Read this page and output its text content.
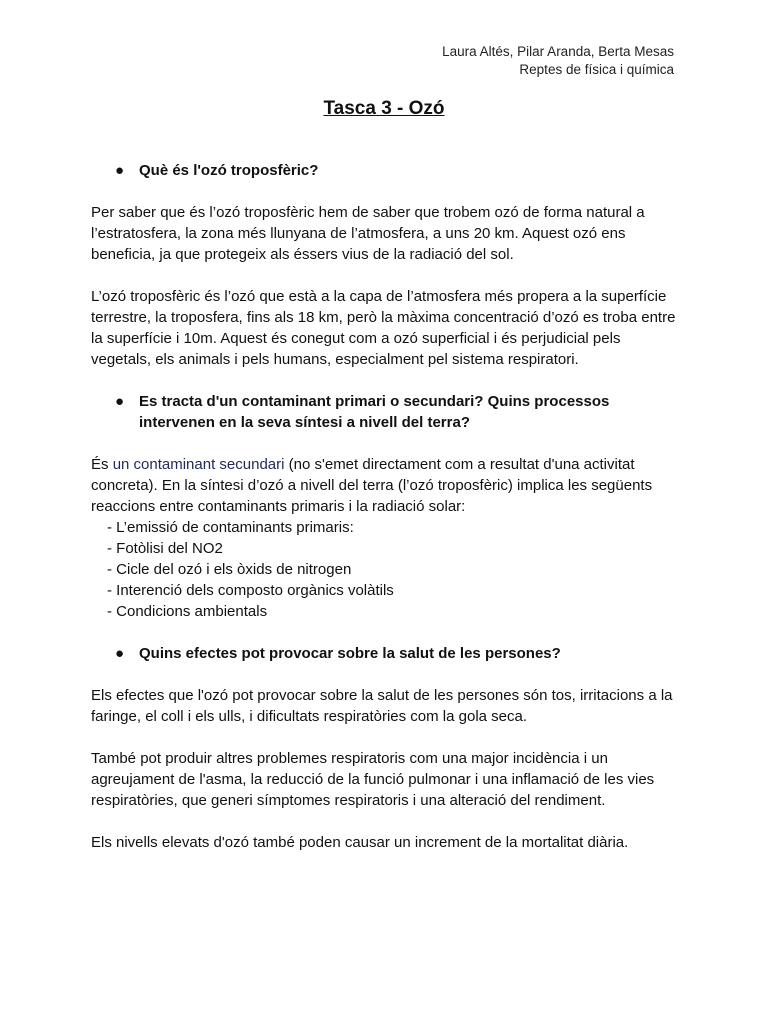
Laura Altés, Pilar Aranda, Berta Mesas
Reptes de física i química
Tasca 3 - Ozó
● Què és l'ozó troposfèric?

Per saber que és l’ozó troposfèric hem de saber que trobem ozó de forma natural a l’estratosfera, la zona més llunyana de l’atmosfera, a uns 20 km. Aquest ozó ens beneficia, ja que protegeix als éssers vius de la radiació del sol.

L’ozó troposfèric és l’ozó que està a la capa de l’atmosfera més propera a la superfície terrestre, la troposfera, fins als 18 km, però la màxima concentració d’ozó es troba entre la superfície i 10m. Aquest és conegut com a ozó superficial i és perjudicial pels vegetals, els animals i pels humans, especialment pel sistema respiratori.

● Es tracta d'un contaminant primari o secundari? Quins processos intervenen en la seva síntesi a nivell del terra?

És un contaminant secundari (no s'emet directament com a resultat d'una activitat concreta). En la síntesi d’ozó a nivell del terra (l’ozó troposfèric) implica les següents reaccions entre contaminants primaris i la radiació solar:

- L’emissió de contaminants primaris:
- Fotòlisi del NO2
- Cicle del ozó i els òxids de nitrogen
- Interenció dels composto orgànics volàtils
- Condicions ambientals
● Quins efectes pot provocar sobre la salut de les persones?

Els efectes que l'ozó pot provocar sobre la salut de les persones són tos, irritacions a la faringe, el coll i els ulls, i dificultats respiratòries com la gola seca.

També pot produir altres problemes respiratoris com una major incidència i un agreujament de l'asma, la reducció de la funció pulmonar i una inflamació de les vies respiratòries, que generi símptomes respiratoris i una alteració del rendiment.

Els nivells elevats d'ozó també poden causar un increment de la mortalitat diària.
